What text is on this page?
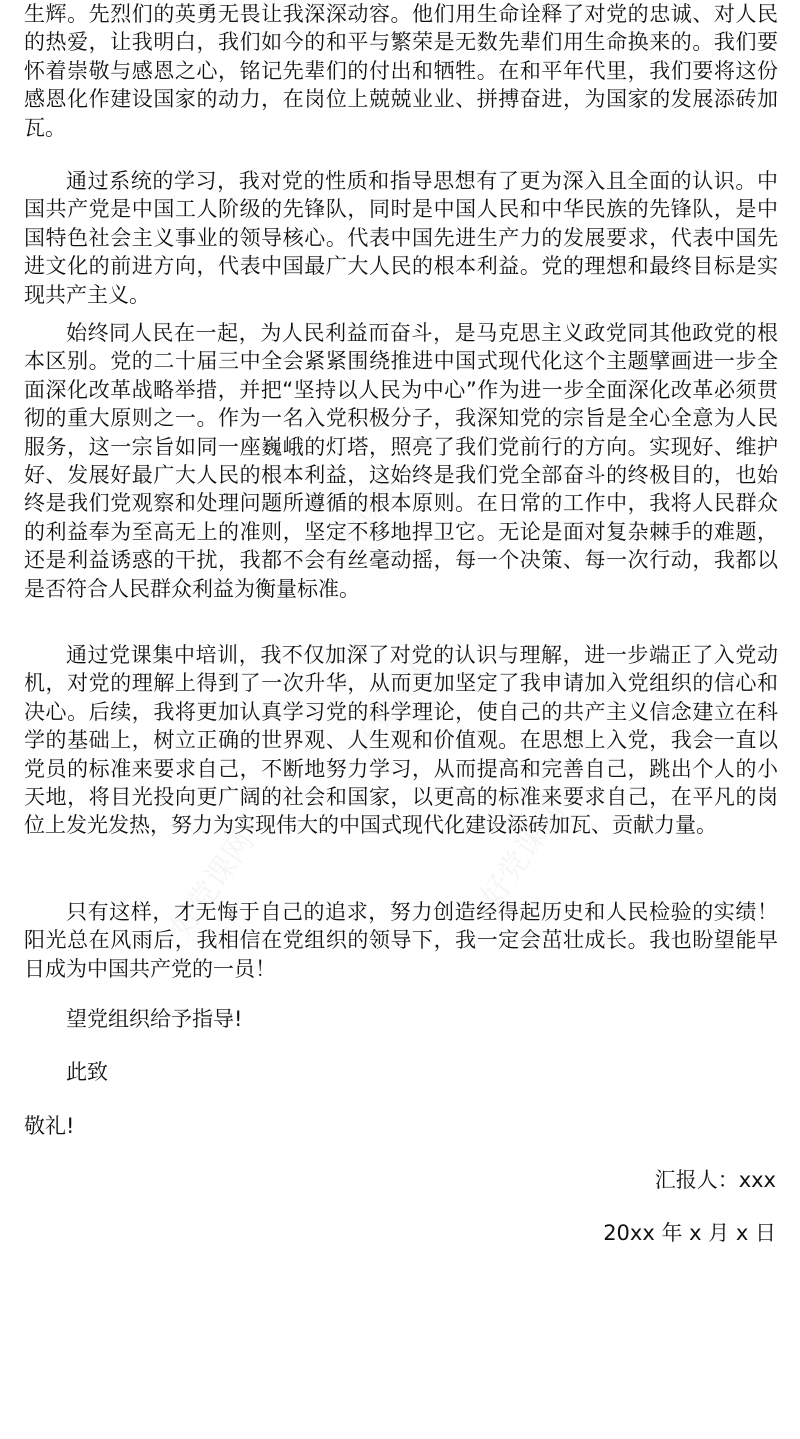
生辉。先烈们的英勇无畏让我深深动容。他们用生命诠释了对党的忠诚、对人民
的热爱，让我明白，我们如今的和平与繁荣是无数先辈们用生命换来的。我们要
怀着崇敬与感恩之心，铭记先辈们的付出和牺牲。在和平年代里，我们要将这份
感恩化作建设国家的动力，在岗位上兢兢业业、拼搏奋进，为国家的发展添砖加
瓦。
通过系统的学习，我对党的性质和指导思想有了更为深入且全面的认识。中
国共产党是中国工人阶级的先锋队，同时是中国人民和中华民族的先锋队，是中
国特色社会主义事业的领导核心。代表中国先进生产力的发展要求，代表中国先
进文化的前进方向，代表中国最广大人民的根本利益。党的理想和最终目标是实
现共产主义。
始终同人民在一起，为人民利益而奋斗，是马克思主义政党同其他政党的根
本区别。党的二十届三中全会紧紧围绕推进中国式现代化这个主题擘画进一步全
面深化改革战略举措，并把“坚持以人民为中心”作为进一步全面深化改革必须贯
彻的重大原则之一。作为一名入党积极分子，我深知党的宗旨是全心全意为人民
服务，这一宗旨如同一座巍峨的灯塔，照亮了我们党前行的方向。实现好、维护
好、发展好最广大人民的根本利益，这始终是我们党全部奋斗的终极目的，也始
终是我们党观察和处理问题所遵循的根本原则。在日常的工作中，我将人民群众
的利益奉为至高无上的准则，坚定不移地捍卫它。无论是面对复杂棘手的难题，
还是利益诱惑的干扰，我都不会有丝毫动摇，每一个决策、每一次行动，我都以
是否符合人民群众利益为衡量标准。
通过党课集中培训，我不仅加深了对党的认识与理解，进一步端正了入党动
机，对党的理解上得到了一次升华，从而更加坚定了我申请加入党组织的信心和
决心。后续，我将更加认真学习党的科学理论，使自己的共产主义信念建立在科
学的基础上，树立正确的世界观、人生观和价值观。在思想上入党，我会一直以
党员的标准来要求自己，不断地努力学习，从而提高和完善自己，跳出个人的小
天地，将目光投向更广阔的社会和国家，以更高的标准来要求自己，在平凡的岗
位上发光发热，努力为实现伟大的中国式现代化建设添砖加瓦、贡献力量。
只有这样，才无悔于自己的追求，努力创造经得起历史和人民检验的实绩！
阳光总在风雨后，我相信在党组织的领导下，我一定会茁壮成长。我也盼望能早
日成为中国共产党的一员！
望党组织给予指导!
此致
敬礼!
汇报人：xxx
20xx 年 x 月 x 日
